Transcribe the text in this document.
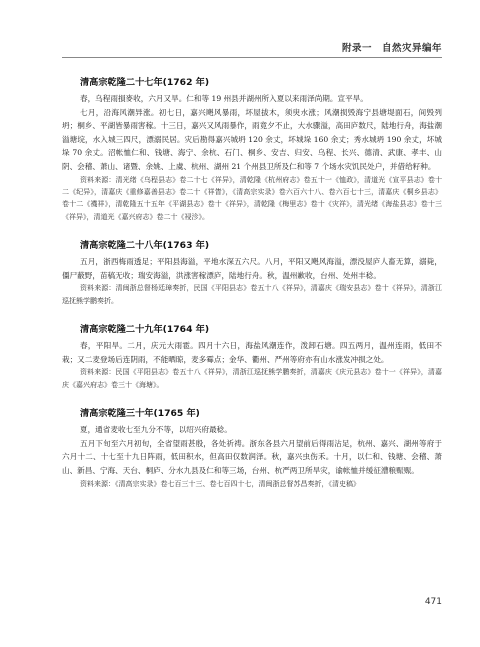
附录一　自然灾异编年
清高宗乾隆二十七年(1762 年)

春，乌程雨損麥收，六月又旱。仁和等 19 州县并湖州所入夏以来雨泽尚期。宣平旱。

七月，沿海风潮异涨。初七日，嘉兴飓风暴雨，坏屋拔木，须臾水涨；风潮损毁海宁县塘堤面石，间毁列坍；桐乡、平湖皆暴雨害稼。十三日，嘉兴又风雨暴作，雨竟夕不止，大水骤溢，高田庐数尺，陆地行舟，海盐潮溢塘垸，水入城三四尺，漂溺民居。灾后勘得嘉兴城坍 120 余丈，坏城垛 160 余丈；秀水城坍 190 余丈，坏城垛 70 余丈。沼帐恤仁和、钱塘、海宁、余杭、石门、桐乡、安吉、归安、乌程、长兴、德清、武康、孝丰、山阴、会稽、萧山、诸暨、余姚、上虞、杭州、湖州 21 个州县卫所及仁和等 7 个场水灾饥民处户，并借给籽种。

资料来源：清光绪《乌程县志》卷二十七《祥异》，清乾隆《杭州府志》卷五十一《恤政》，清道光《宣平县志》卷十二《纪异》，清嘉庆《重修嘉善县志》卷二十《祥眚》，《清高宗实录》卷六百六十八、卷六百七十三，清嘉庆《桐乡县志》卷十二《禨祥》，清乾隆五十五年《平湖县志》卷十《祥异》，清乾隆《梅里志》卷十《灾祥》，清光绪《海盐县志》卷十三《祥异》，清道光《嘉兴府志》卷二十《祲沴》。

清高宗乾隆二十八年(1763 年)

五月，浙西梅雨透足；平阳县海溢，平地水深五六尺。八月，平阳又飓风海溢，漂没屋庐人畜无算，溺毙，僵尸蔽野，苗稿无收；瑞安海溢，洪涨害稼漂庐，陆地行舟。秋，温州歉收，台州、处州丰稔。

资料来源：清闽浙总督杨廷璋奏折，民国《平阳县志》卷五十八《祥异》，清嘉庆《瑞安县志》卷十《祥异》，清浙江巡抚熊学鹏奏折。

清高宗乾隆二十九年(1764 年)

春，平阳旱。二月，庆元大雨雹。四月十六日，海盐风潮连作，泼卸石塘。四五两月，温州连雨，低田不栽；又二麦登场后连阴雨，不能晒晾，麦多霉点；金华、衢州、严州等府亦有山水涨发冲损之处。

资料来源：民国《平阳县志》卷五十八《祥异》，清浙江巡抚熊学鹏奏折，清嘉庆《庆元县志》卷十一《祥异》，清嘉庆《嘉兴府志》卷三十《海塘》。

清高宗乾隆三十年(1765 年)

夏，通省麦收七至九分不等，以绍兴府最稔。

五月下旬至六月初旬，全省望雨甚殷，各处祈祷。浙东各县六月望前后得雨沾足，杭州、嘉兴、湖州等府于六月十二、十七至十九日阵雨，低田积水，但高田仅数润泽。秋，嘉兴虫伤禾。十月，以仁和、钱塘、会稽、萧山、新昌、宁海、天台、桐庐、分水九县及仁和等三场，台州、杭严两卫所旱灾，谕帐恤并缓征漕粮赈赈。

资料来源：《清高宗实录》卷七百三十三、卷七百四十七，清闽浙总督苏昌奏折，《清史稿》

471
